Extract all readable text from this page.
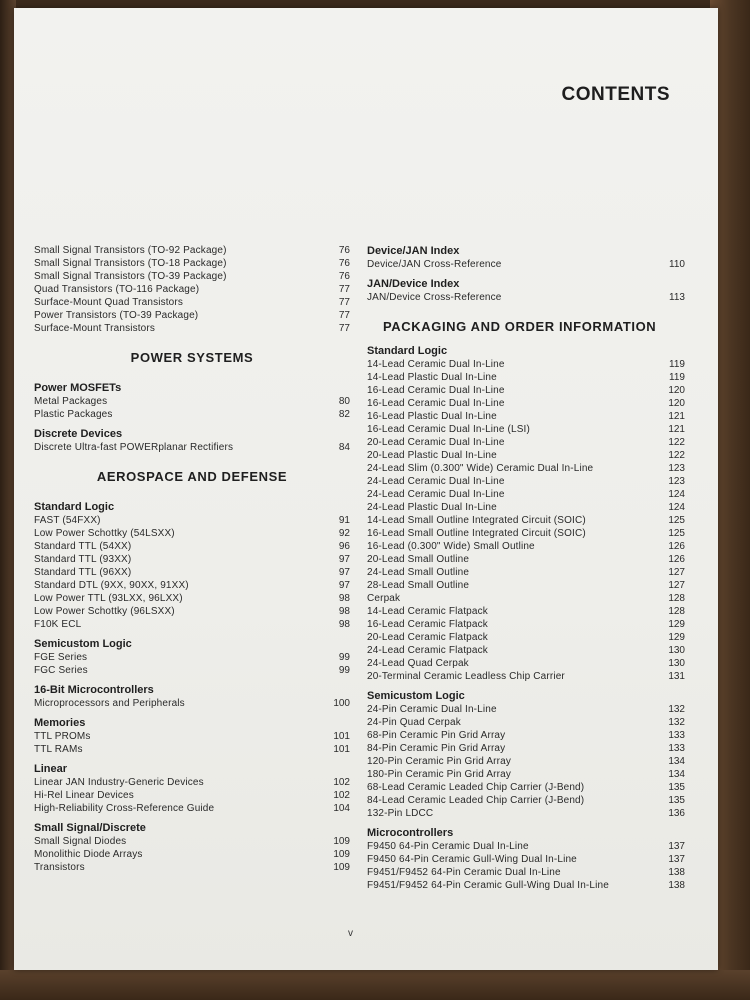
CONTENTS
Small Signal Transistors (TO-92 Package)	76
Small Signal Transistors (TO-18 Package)	76
Small Signal Transistors (TO-39 Package)	76
Quad Transistors (TO-116 Package)	77
Surface-Mount Quad Transistors	77
Power Transistors (TO-39 Package)	77
Surface-Mount Transistors	77
POWER SYSTEMS
Power MOSFETs
Metal Packages	80
Plastic Packages	82
Discrete Devices
Discrete Ultra-fast POWERplanar Rectifiers	84
AEROSPACE AND DEFENSE
Standard Logic
FAST (54FXX)	91
Low Power Schottky (54LSXX)	92
Standard TTL (54XX)	96
Standard TTL (93XX)	97
Standard TTL (96XX)	97
Standard DTL (9XX, 90XX, 91XX)	97
Low Power TTL (93LXX, 96LXX)	98
Low Power Schottky (96LSXX)	98
F10K ECL	98
Semicustom Logic
FGE Series	99
FGC Series	99
16-Bit Microcontrollers
Microprocessors and Peripherals	100
Memories
TTL PROMs	101
TTL RAMs	101
Linear
Linear JAN Industry-Generic Devices	102
Hi-Rel Linear Devices	102
High-Reliability Cross-Reference Guide	104
Small Signal/Discrete
Small Signal Diodes	109
Monolithic Diode Arrays	109
Transistors	109
Device/JAN Index
Device/JAN Cross-Reference	110
JAN/Device Index
JAN/Device Cross-Reference	113
PACKAGING AND ORDER INFORMATION
Standard Logic
14-Lead Ceramic Dual In-Line	119
14-Lead Plastic Dual In-Line	119
16-Lead Ceramic Dual In-Line	120
16-Lead Ceramic Dual In-Line	120
16-Lead Plastic Dual In-Line	121
16-Lead Ceramic Dual In-Line (LSI)	121
20-Lead Ceramic Dual In-Line	122
20-Lead Plastic Dual In-Line	122
24-Lead Slim (0.300" Wide) Ceramic Dual In-Line	123
24-Lead Ceramic Dual In-Line	123
24-Lead Ceramic Dual In-Line	124
24-Lead Plastic Dual In-Line	124
14-Lead Small Outline Integrated Circuit (SOIC)	125
16-Lead Small Outline Integrated Circuit (SOIC)	125
16-Lead (0.300" Wide) Small Outline	126
20-Lead Small Outline	126
24-Lead Small Outline	127
28-Lead Small Outline	127
Cerpak	128
14-Lead Ceramic Flatpack	128
16-Lead Ceramic Flatpack	129
20-Lead Ceramic Flatpack	129
24-Lead Ceramic Flatpack	130
24-Lead Quad Cerpak	130
20-Terminal Ceramic Leadless Chip Carrier	131
Semicustom Logic
24-Pin Ceramic Dual In-Line	132
24-Pin Quad Cerpak	132
68-Pin Ceramic Pin Grid Array	133
84-Pin Ceramic Pin Grid Array	133
120-Pin Ceramic Pin Grid Array	134
180-Pin Ceramic Pin Grid Array	134
68-Lead Ceramic Leaded Chip Carrier (J-Bend)	135
84-Lead Ceramic Leaded Chip Carrier (J-Bend)	135
132-Pin LDCC	136
Microcontrollers
F9450 64-Pin Ceramic Dual In-Line	137
F9450 64-Pin Ceramic Gull-Wing Dual In-Line	137
F9451/F9452 64-Pin Ceramic Dual In-Line	138
F9451/F9452 64-Pin Ceramic Gull-Wing Dual In-Line	138
v
